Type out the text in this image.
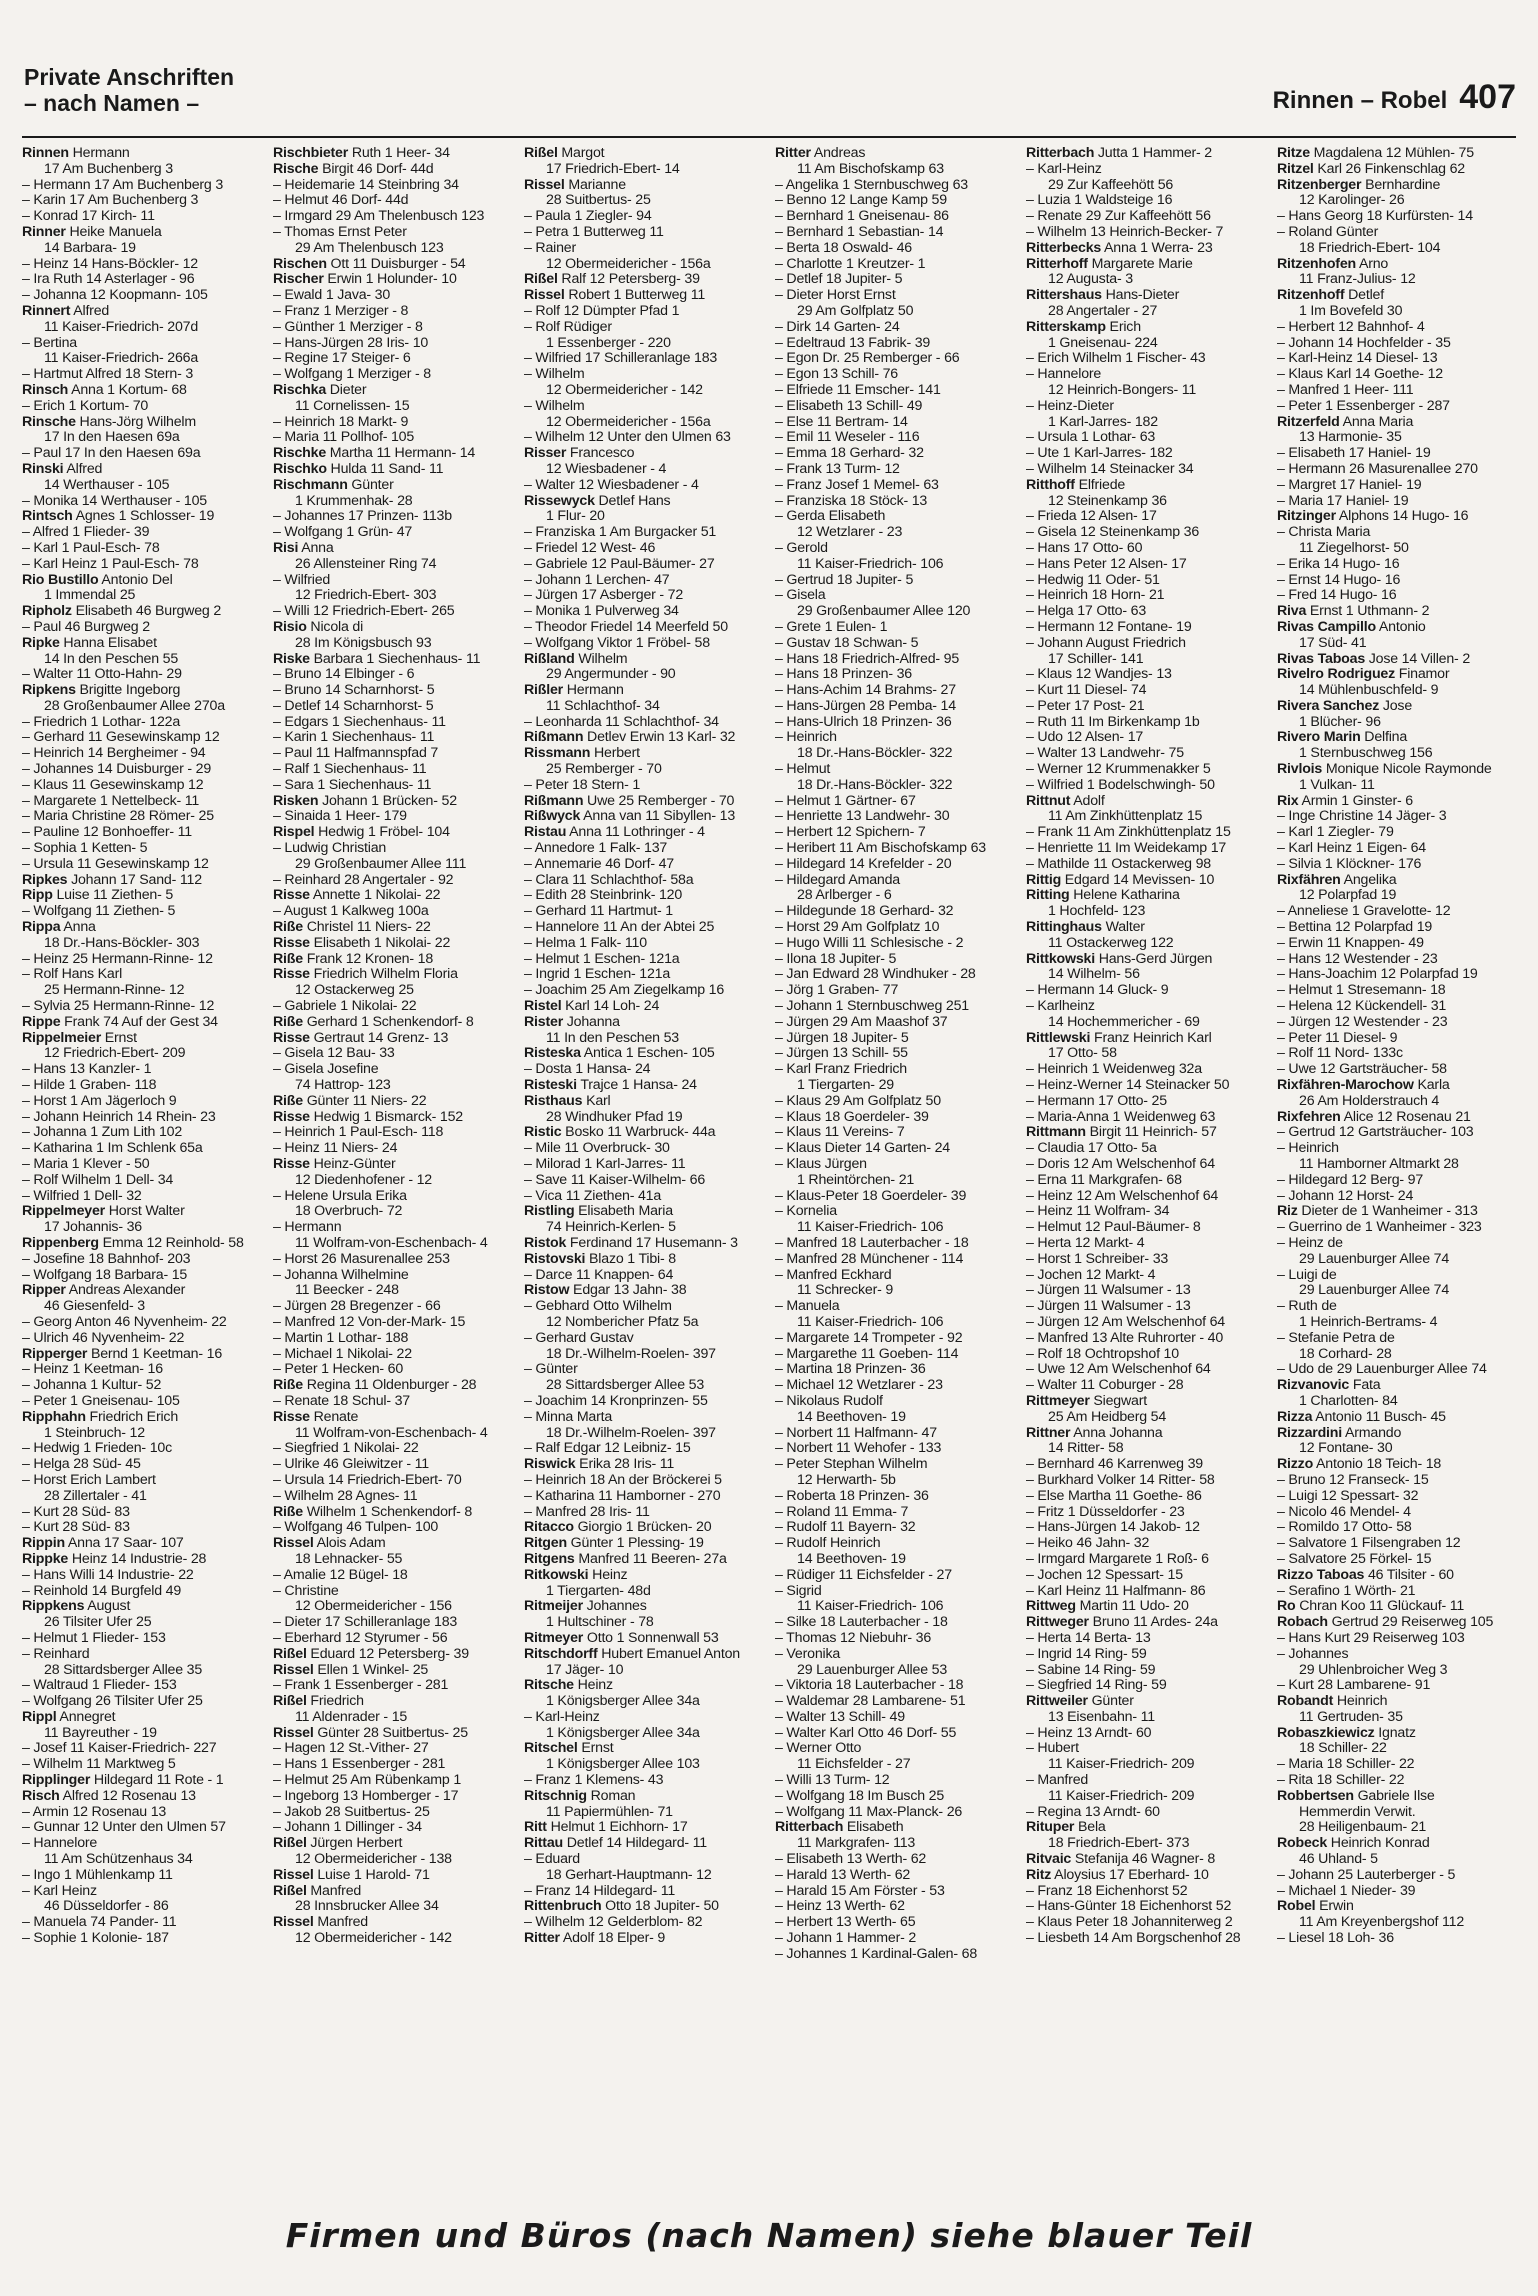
Private Anschriften
– nach Namen –	Rinnen – Robel 407
Rinnen Hermann
17 Am Buchenberg 3
– Hermann 17 Am Buchenberg 3
– Karin 17 Am Buchenberg 3
– Konrad 17 Kirch- 11
Rinner Heike Manuela
14 Barbara- 19
– Heinz 14 Hans-Böckler- 12
– Ira Ruth 14 Asterlager - 96
– Johanna 12 Koopmann- 105
Rinnert Alfred
11 Kaiser-Friedrich- 207d
– Bertina
11 Kaiser-Friedrich- 266a
– Hartmut Alfred 18 Stern- 3
Rinsch Anna 1 Kortum- 68
– Erich 1 Kortum- 70
Rinsche Hans-Jörg Wilhelm
17 In den Haesen 69a
– Paul 17 In den Haesen 69a
Rinski Alfred
14 Werthauser - 105
– Monika 14 Werthauser - 105
Rintsch Agnes 1 Schlosser- 19
– Alfred 1 Flieder- 39
– Karl 1 Paul-Esch- 78
– Karl Heinz 1 Paul-Esch- 78
Rio Bustillo Antonio Del
1 Immendal 25
Ripholz Elisabeth 46 Burgweg 2
– Paul 46 Burgweg 2
Ripke Hanna Elisabet
14 In den Peschen 55
– Walter 11 Otto-Hahn- 29
Ripkens Brigitte Ingeborg
28 Großenbaumer Allee 270a
– Friedrich 1 Lothar- 122a
– Gerhard 11 Gesewinskamp 12
– Heinrich 14 Bergheimer - 94
– Johannes 14 Duisburger - 29
– Klaus 11 Gesewinskamp 12
– Margarete 1 Nettelbeck- 11
– Maria Christine 28 Römer- 25
– Pauline 12 Bonhoeffer- 11
– Sophia 1 Ketten- 5
– Ursula 11 Gesewinskamp 12
Ripkes Johann 17 Sand- 112
Ripp Luise 11 Ziethen- 5
– Wolfgang 11 Ziethen- 5
Rippa Anna
18 Dr.-Hans-Böckler- 303
– Heinz 25 Hermann-Rinne- 12
– Rolf Hans Karl
25 Hermann-Rinne- 12
– Sylvia 25 Hermann-Rinne- 12
Rippe Frank 74 Auf der Gest 34
Rippelmeier Ernst
12 Friedrich-Ebert- 209
– Hans 13 Kanzler- 1
– Hilde 1 Graben- 118
– Horst 1 Am Jägerloch 9
– Johann Heinrich 14 Rhein- 23
– Johanna 1 Zum Lith 102
– Katharina 1 Im Schlenk 65a
– Maria 1 Klever - 50
– Rolf Wilhelm 1 Dell- 34
– Wilfried 1 Dell- 32
Rippelmeyer Horst Walter
17 Johannis- 36
Rippenberg Emma 12 Reinhold- 58
– Josefine 18 Bahnhof- 203
– Wolfgang 18 Barbara- 15
Ripper Andreas Alexander
46 Giesenfeld- 3
– Georg Anton 46 Nyvenheim- 22
– Ulrich 46 Nyvenheim- 22
Ripperger Bernd 1 Keetman- 16
– Heinz 1 Keetman- 16
– Johanna 1 Kultur- 52
– Peter 1 Gneisenau- 105
Ripphahn Friedrich Erich
1 Steinbruch- 12
– Hedwig 1 Frieden- 10c
– Helga 28 Süd- 45
– Horst Erich Lambert
28 Zillertaler - 41
– Kurt 28 Süd- 83
– Kurt 28 Süd- 83
Rippin Anna 17 Saar- 107
Rippke Heinz 14 Industrie- 28
– Hans Willi 14 Industrie- 22
– Reinhold 14 Burgfeld 49
Rippkens August
26 Tilsiter Ufer 25
– Helmut 1 Flieder- 153
– Reinhard
28 Sittardsberger Allee 35
– Waltraud 1 Flieder- 153
– Wolfgang 26 Tilsiter Ufer 25
Rippl Annegret
11 Bayreuther - 19
– Josef 11 Kaiser-Friedrich- 227
– Wilhelm 11 Marktweg 5
Ripplinger Hildegard 11 Rote - 1
Risch Alfred 12 Rosenau 13
– Armin 12 Rosenau 13
– Gunnar 12 Unter den Ulmen 57
– Hannelore
11 Am Schützenhaus 34
– Ingo 1 Mühlenkamp 11
– Karl Heinz
46 Düsseldorfer - 86
– Manuela 74 Pander- 11
– Sophie 1 Kolonie- 187
Rischbieter Ruth 1 Heer- 34
Rische Birgit 46 Dorf- 44d
– Heidemarie 14 Steinbring 34
– Helmut 46 Dorf- 44d
– Irmgard 29 Am Thelenbusch 123
– Thomas Ernst Peter
29 Am Thelenbusch 123
Rischen Ott 11 Duisburger - 54
Rischer Erwin 1 Holunder- 10
– Ewald 1 Java- 30
– Franz 1 Merziger - 8
– Günther 1 Merziger - 8
– Hans-Jürgen 28 Iris- 10
– Regine 17 Steiger- 6
– Wolfgang 1 Merziger - 8
Rischka Dieter
11 Cornelissen- 15
– Heinrich 18 Markt- 9
– Maria 11 Pollhof- 105
Rischke Martha 11 Hermann- 14
Rischko Hulda 11 Sand- 11
Rischmann Günter
1 Krummenhak- 28
– Johannes 17 Prinzen- 113b
– Wolfgang 1 Grün- 47
Risi Anna
26 Allensteiner Ring 74
– Wilfried
12 Friedrich-Ebert- 303
– Willi 12 Friedrich-Ebert- 265
Risio Nicola di
28 Im Königsbusch 93
Riske Barbara 1 Siechenhaus- 11
– Bruno 14 Elbinger - 6
– Bruno 14 Scharnhorst- 5
– Detlef 14 Scharnhorst- 5
– Edgars 1 Siechenhaus- 11
– Karin 1 Siechenhaus- 11
– Paul 11 Halfmannspfad 7
– Ralf 1 Siechenhaus- 11
– Sara 1 Siechenhaus- 11
Risken Johann 1 Brücken- 52
– Sinaida 1 Heer- 179
Rispel Hedwig 1 Fröbel- 104
– Ludwig Christian
29 Großenbaumer Allee 111
– Reinhard 28 Angertaler - 92
Risse Annette 1 Nikolai- 22
– August 1 Kalkweg 100a
Riße Christel 11 Niers- 22
Risse Elisabeth 1 Nikolai- 22
Riße Frank 12 Kronen- 18
Risse Friedrich Wilhelm Floria
12 Ostackerweg 25
– Gabriele 1 Nikolai- 22
Riße Gerhard 1 Schenkendorf- 8
Risse Gertraut 14 Grenz- 13
– Gisela 12 Bau- 33
– Gisela Josefine
74 Hattrop- 123
Riße Günter 11 Niers- 22
Risse Hedwig 1 Bismarck- 152
– Heinrich 1 Paul-Esch- 118
– Heinz 11 Niers- 24
Risse Heinz-Günter
12 Diedenhofener - 12
– Helene Ursula Erika
18 Overbruch- 72
– Hermann
11 Wolfram-von-Eschenbach- 4
– Horst 26 Masurenallee 253
– Johanna Wilhelmine
11 Beecker - 248
– Jürgen 28 Bregenzer - 66
– Manfred 12 Von-der-Mark- 15
– Martin 1 Lothar- 188
– Michael 1 Nikolai- 22
– Peter 1 Hecken- 60
Riße Regina 11 Oldenburger - 28
– Renate 18 Schul- 37
Risse Renate
11 Wolfram-von-Eschenbach- 4
– Siegfried 1 Nikolai- 22
– Ulrike 46 Gleiwitzer - 11
– Ursula 14 Friedrich-Ebert- 70
– Wilhelm 28 Agnes- 11
Riße Wilhelm 1 Schenkendorf- 8
– Wolfgang 46 Tulpen- 100
Rissel Alois Adam
18 Lehnacker- 55
– Amalie 12 Bügel- 18
– Christine
12 Obermeidericher - 156
– Dieter 17 Schilleranlage 183
– Eberhard 12 Styrumer - 56
Rißel Eduard 12 Petersberg- 39
Rissel Ellen 1 Winkel- 25
– Frank 1 Essenberger - 281
Rißel Friedrich
11 Aldenrader - 15
Rissel Günter 28 Suitbertus- 25
– Hagen 12 St.-Vither- 27
– Hans 1 Essenberger - 281
– Helmut 25 Am Rübenkamp 1
– Ingeborg 13 Homberger - 17
– Jakob 28 Suitbertus- 25
– Johann 1 Dillinger - 34
Rißel Jürgen Herbert
12 Obermeidericher - 138
Rissel Luise 1 Harold- 71
Rißel Manfred
28 Innsbrucker Allee 34
Rissel Manfred
12 Obermeidericher - 142
Rißel Margot
17 Friedrich-Ebert- 14
Rissel Marianne
28 Suitbertus- 25
– Paula 1 Ziegler- 94
– Petra 1 Butterweg 11
– Rainer
12 Obermeidericher - 156a
Rißel Ralf 12 Petersberg- 39
Rissel Robert 1 Butterweg 11
– Rolf 12 Dümpter Pfad 1
– Rolf Rüdiger
1 Essenberger - 220
– Wilfried 17 Schilleranlage 183
– Wilhelm
12 Obermeidericher - 142
– Wilhelm
12 Obermeidericher - 156a
– Wilhelm 12 Unter den Ulmen 63
Risser Francesco
12 Wiesbadener - 4
– Walter 12 Wiesbadener - 4
Rissewyck Detlef Hans
1 Flur- 20
– Franziska 1 Am Burgacker 51
– Friedel 12 West- 46
– Gabriele 12 Paul-Bäumer- 27
– Johann 1 Lerchen- 47
– Jürgen 17 Asberger - 72
– Monika 1 Pulverweg 34
– Theodor Friedel 14 Meerfeld 50
– Wolfgang Viktor 1 Fröbel- 58
Rißland Wilhelm
29 Angermunder - 90
Rißler Hermann
11 Schlachthof- 34
– Leonharda 11 Schlachthof- 34
Rißmann Detlev Erwin 13 Karl- 32
Rissmann Herbert
25 Remberger - 70
– Peter 18 Stern- 1
Rißmann Uwe 25 Remberger - 70
Rißwyck Anna van 11 Sibyllen- 13
Ristau Anna 11 Lothringer - 4
– Annedore 1 Falk- 137
– Annemarie 46 Dorf- 47
– Clara 11 Schlachthof- 58a
– Edith 28 Steinbrink- 120
– Gerhard 11 Hartmut- 1
– Hannelore 11 An der Abtei 25
– Helma 1 Falk- 110
– Helmut 1 Eschen- 121a
– Ingrid 1 Eschen- 121a
– Joachim 25 Am Ziegelkamp 16
Ristel Karl 14 Loh- 24
Rister Johanna
11 In den Peschen 53
Risteska Antica 1 Eschen- 105
– Dosta 1 Hansa- 24
Risteski Trajce 1 Hansa- 24
Risthaus Karl
28 Windhuker Pfad 19
Ristic Bosko 11 Warbruck- 44a
– Mile 11 Overbruck- 30
– Milorad 1 Karl-Jarres- 11
– Save 11 Kaiser-Wilhelm- 66
– Vica 11 Ziethen- 41a
Ristling Elisabeth Maria
74 Heinrich-Kerlen- 5
Ristok Ferdinand 17 Husemann- 3
Ristovski Blazo 1 Tibi- 8
– Darce 11 Knappen- 64
Ristow Edgar 13 Jahn- 38
– Gebhard Otto Wilhelm
12 Nombericher Pfatz 5a
– Gerhard Gustav
18 Dr.-Wilhelm-Roelen- 397
– Günter
28 Sittardsberger Allee 53
– Joachim 14 Kronprinzen- 55
– Minna Marta
18 Dr.-Wilhelm-Roelen- 397
– Ralf Edgar 12 Leibniz- 15
Riswick Erika 28 Iris- 11
– Heinrich 18 An der Bröckerei 5
– Katharina 11 Hamborner - 270
– Manfred 28 Iris- 11
Ritacco Giorgio 1 Brücken- 20
Ritgen Günter 1 Plessing- 19
Ritgens Manfred 11 Beeren- 27a
Ritkowski Heinz
1 Tiergarten- 48d
Ritmeijer Johannes
1 Hultschiner - 78
Ritmeyer Otto 1 Sonnenwall 53
Ritschdorff Hubert Emanuel Anton
17 Jäger- 10
Ritsche Heinz
1 Königsberger Allee 34a
– Karl-Heinz
1 Königsberger Allee 34a
Ritschel Ernst
1 Königsberger Allee 103
– Franz 1 Klemens- 43
Ritschnig Roman
11 Papiermühlen- 71
Ritt Helmut 1 Eichhorn- 17
Rittau Detlef 14 Hildegard- 11
– Eduard
18 Gerhart-Hauptmann- 12
– Franz 14 Hildegard- 11
Rittenbruch Otto 18 Jupiter- 50
– Wilhelm 12 Gelderblom- 82
Ritter Adolf 18 Elper- 9
Ritter Andreas
11 Am Bischofskamp 63
– Angelika 1 Sternbuschweg 63
– Benno 12 Lange Kamp 59
– Bernhard 1 Gneisenau- 86
– Bernhard 1 Sebastian- 14
– Berta 18 Oswald- 46
– Charlotte 1 Kreutzer- 1
– Detlef 18 Jupiter- 5
– Dieter Horst Ernst
29 Am Golfplatz 50
– Dirk 14 Garten- 24
– Edeltraud 13 Fabrik- 39
– Egon Dr. 25 Remberger - 66
– Egon 13 Schill- 76
– Elfriede 11 Emscher- 141
– Elisabeth 13 Schill- 49
– Else 11 Bertram- 14
– Emil 11 Weseler - 116
– Emma 18 Gerhard- 32
– Frank 13 Turm- 12
– Franz Josef 1 Memel- 63
– Franziska 18 Stöck- 13
– Gerda Elisabeth
12 Wetzlarer - 23
– Gerold
11 Kaiser-Friedrich- 106
– Gertrud 18 Jupiter- 5
– Gisela
29 Großenbaumer Allee 120
– Grete 1 Eulen- 1
– Gustav 18 Schwan- 5
– Hans 18 Friedrich-Alfred- 95
– Hans 18 Prinzen- 36
– Hans-Achim 14 Brahms- 27
– Hans-Jürgen 28 Pemba- 14
– Hans-Ulrich 18 Prinzen- 36
– Heinrich
18 Dr.-Hans-Böckler- 322
– Helmut
18 Dr.-Hans-Böckler- 322
– Helmut 1 Gärtner- 67
– Henriette 13 Landwehr- 30
– Herbert 12 Spichern- 7
– Heribert 11 Am Bischofskamp 63
– Hildegard 14 Krefelder - 20
– Hildegard Amanda
28 Arlberger - 6
– Hildegunde 18 Gerhard- 32
– Horst 29 Am Golfplatz 10
– Hugo Willi 11 Schlesische - 2
– Ilona 18 Jupiter- 5
– Jan Edward 28 Windhuker - 28
– Jörg 1 Graben- 77
– Johann 1 Sternbuschweg 251
– Jürgen 29 Am Maashof 37
– Jürgen 18 Jupiter- 5
– Jürgen 13 Schill- 55
– Karl Franz Friedrich
1 Tiergarten- 29
– Klaus 29 Am Golfplatz 50
– Klaus 18 Goerdeler- 39
– Klaus 11 Vereins- 7
– Klaus Dieter 14 Garten- 24
– Klaus Jürgen
1 Rheintörchen- 21
– Klaus-Peter 18 Goerdeler- 39
– Kornelia
11 Kaiser-Friedrich- 106
– Manfred 18 Lauterbacher - 18
– Manfred 28 Münchener - 114
– Manfred Eckhard
11 Schrecker- 9
– Manuela
11 Kaiser-Friedrich- 106
– Margarete 14 Trompeter - 92
– Margarethe 11 Goeben- 114
– Martina 18 Prinzen- 36
– Michael 12 Wetzlarer - 23
– Nikolaus Rudolf
14 Beethoven- 19
– Norbert 11 Halfmann- 47
– Norbert 11 Wehofer - 133
– Peter Stephan Wilhelm
12 Herwarth- 5b
– Roberta 18 Prinzen- 36
– Roland 11 Emma- 7
– Rudolf 11 Bayern- 32
– Rudolf Heinrich
14 Beethoven- 19
– Rüdiger 11 Eichsfelder - 27
– Sigrid
11 Kaiser-Friedrich- 106
– Silke 18 Lauterbacher - 18
– Thomas 12 Niebuhr- 36
– Veronika
29 Lauenburger Allee 53
– Viktoria 18 Lauterbacher - 18
– Waldemar 28 Lambarene- 51
– Walter 13 Schill- 49
– Walter Karl Otto 46 Dorf- 55
– Werner Otto
11 Eichsfelder - 27
– Willi 13 Turm- 12
– Wolfgang 18 Im Busch 25
– Wolfgang 11 Max-Planck- 26
Ritterbach Elisabeth
11 Markgrafen- 113
– Elisabeth 13 Werth- 62
– Harald 13 Werth- 62
– Harald 15 Am Förster - 53
– Heinz 13 Werth- 62
– Herbert 13 Werth- 65
– Johann 1 Hammer- 2
– Johannes 1 Kardinal-Galen- 68
Ritterbach Jutta 1 Hammer- 2
– Karl-Heinz
29 Zur Kaffeehött 56
– Luzia 1 Waldsteige 16
– Renate 29 Zur Kaffeehött 56
– Wilhelm 13 Heinrich-Becker- 7
Ritterbecks Anna 1 Werra- 23
Ritterhoff Margarete Marie
12 Augusta- 3
Rittershaus Hans-Dieter
28 Angertaler - 27
Ritterskamp Erich
1 Gneisenau- 224
– Erich Wilhelm 1 Fischer- 43
– Hannelore
12 Heinrich-Bongers- 11
– Heinz-Dieter
1 Karl-Jarres- 182
– Ursula 1 Lothar- 63
– Ute 1 Karl-Jarres- 182
– Wilhelm 14 Steinacker 34
Ritthoff Elfriede
12 Steinenkamp 36
– Frieda 12 Alsen- 17
– Gisela 12 Steinenkamp 36
– Hans 17 Otto- 60
– Hans Peter 12 Alsen- 17
– Hedwig 11 Oder- 51
– Heinrich 18 Horn- 21
– Helga 17 Otto- 63
– Hermann 12 Fontane- 19
– Johann August Friedrich
17 Schiller- 141
– Klaus 12 Wandjes- 13
– Kurt 11 Diesel- 74
– Peter 17 Post- 21
– Ruth 11 Im Birkenkamp 1b
– Udo 12 Alsen- 17
– Walter 13 Landwehr- 75
– Werner 12 Krummenakker 5
– Wilfried 1 Bodelschwingh- 50
Rittnut Adolf
11 Am Zinkhüttenplatz 15
– Frank 11 Am Zinkhüttenplatz 15
– Henriette 11 Im Weidekamp 17
– Mathilde 11 Ostackerweg 98
Rittig Edgard 14 Mevissen- 10
Ritting Helene Katharina
1 Hochfeld- 123
Rittinghaus Walter
11 Ostackerweg 122
Rittkowski Hans-Gerd Jürgen
14 Wilhelm- 56
– Hermann 14 Gluck- 9
– Karlheinz
14 Hochemmericher - 69
Rittlewski Franz Heinrich Karl
17 Otto- 58
– Heinrich 1 Weidenweg 32a
– Heinz-Werner 14 Steinacker 50
– Hermann 17 Otto- 25
– Maria-Anna 1 Weidenweg 63
Rittmann Birgit 11 Heinrich- 57
– Claudia 17 Otto- 5a
– Doris 12 Am Welschenhof 64
– Erna 11 Markgrafen- 68
– Heinz 12 Am Welschenhof 64
– Heinz 11 Wolfram- 34
– Helmut 12 Paul-Bäumer- 8
– Herta 12 Markt- 4
– Horst 1 Schreiber- 33
– Jochen 12 Markt- 4
– Jürgen 11 Walsumer - 13
– Jürgen 11 Walsumer - 13
– Jürgen 12 Am Welschenhof 64
– Manfred 13 Alte Ruhrorter - 40
– Rolf 18 Ochtropshof 10
– Uwe 12 Am Welschenhof 64
– Walter 11 Coburger - 28
Rittmeyer Siegwart
25 Am Heidberg 54
Rittner Anna Johanna
14 Ritter- 58
– Bernhard 46 Karrenweg 39
– Burkhard Volker 14 Ritter- 58
– Else Martha 11 Goethe- 86
– Fritz 1 Düsseldorfer - 23
– Hans-Jürgen 14 Jakob- 12
– Heiko 46 Jahn- 32
– Irmgard Margarete 1 Roß- 6
– Jochen 12 Spessart- 15
– Karl Heinz 11 Halfmann- 86
Rittweg Martin 11 Udo- 20
Rittweger Bruno 11 Ardes- 24a
– Herta 14 Berta- 13
– Ingrid 14 Ring- 59
– Sabine 14 Ring- 59
– Siegfried 14 Ring- 59
Rittweiler Günter
13 Eisenbahn- 11
– Heinz 13 Arndt- 60
– Hubert
11 Kaiser-Friedrich- 209
– Manfred
11 Kaiser-Friedrich- 209
– Regina 13 Arndt- 60
Rituper Bela
18 Friedrich-Ebert- 373
Ritvaic Stefanija 46 Wagner- 8
Ritz Aloysius 17 Eberhard- 10
– Franz 18 Eichenhorst 52
– Hans-Günter 18 Eichenhorst 52
– Klaus Peter 18 Johanniterweg 2
– Liesbeth 14 Am Borgschenhof 28
Ritze Magdalena 12 Mühlen- 75
Ritzel Karl 26 Finkenschlag 62
Ritzenberger Bernhardine
12 Karolinger- 26
– Hans Georg 18 Kurfürsten- 14
– Roland Günter
18 Friedrich-Ebert- 104
Ritzenhofen Arno
11 Franz-Julius- 12
Ritzenhoff Detlef
1 Im Bovefeld 30
– Herbert 12 Bahnhof- 4
– Johann 14 Hochfelder - 35
– Karl-Heinz 14 Diesel- 13
– Klaus Karl 14 Goethe- 12
– Manfred 1 Heer- 111
– Peter 1 Essenberger - 287
Ritzerfeld Anna Maria
13 Harmonie- 35
– Elisabeth 17 Haniel- 19
– Hermann 26 Masurenallee 270
– Margret 17 Haniel- 19
– Maria 17 Haniel- 19
Ritzinger Alphons 14 Hugo- 16
– Christa Maria
11 Ziegelhorst- 50
– Erika 14 Hugo- 16
– Ernst 14 Hugo- 16
– Fred 14 Hugo- 16
Riva Ernst 1 Uthmann- 2
Rivas Campillo Antonio
17 Süd- 41
Rivas Taboas Jose 14 Villen- 2
Rivelro Rodriguez Finamor
14 Mühlenbuschfeld- 9
Rivera Sanchez Jose
1 Blücher- 96
Rivero Marin Delfina
1 Sternbuschweg 156
Rivlois Monique Nicole Raymonde
1 Vulkan- 11
Rix Armin 1 Ginster- 6
– Inge Christine 14 Jäger- 3
– Karl 1 Ziegler- 79
– Karl Heinz 1 Eigen- 64
– Silvia 1 Klöckner- 176
Rixfähren Angelika
12 Polarpfad 19
– Anneliese 1 Gravelotte- 12
– Bettina 12 Polarpfad 19
– Erwin 11 Knappen- 49
– Hans 12 Westender - 23
– Hans-Joachim 12 Polarpfad 19
– Helmut 1 Stresemann- 18
– Helena 12 Kückendell- 31
– Jürgen 12 Westender - 23
– Peter 11 Diesel- 9
– Rolf 11 Nord- 133c
– Uwe 12 Gartsträucher- 58
Rixfähren-Marochow Karla
26 Am Holderstrauch 4
Rixfehren Alice 12 Rosenau 21
– Gertrud 12 Gartsträucher- 103
– Heinrich
11 Hamborner Altmarkt 28
– Hildegard 12 Berg- 97
– Johann 12 Horst- 24
Riz Dieter de 1 Wanheimer - 313
– Guerrino de 1 Wanheimer - 323
– Heinz de
29 Lauenburger Allee 74
– Luigi de
29 Lauenburger Allee 74
– Ruth de
1 Heinrich-Bertrams- 4
– Stefanie Petra de
18 Corhard- 28
– Udo de 29 Lauenburger Allee 74
Rizvanovic Fata
1 Charlotten- 84
Rizza Antonio 11 Busch- 45
Rizzardini Armando
12 Fontane- 30
Rizzo Antonio 18 Teich- 18
– Bruno 12 Franseck- 15
– Luigi 12 Spessart- 32
– Nicolo 46 Mendel- 4
– Romildo 17 Otto- 58
– Salvatore 1 Filsengraben 12
– Salvatore 25 Förkel- 15
Rizzo Taboas 46 Tilsiter - 60
– Serafino 1 Wörth- 21
Ro Chran Koo 11 Glückauf- 11
Robach Gertrud 29 Reiserweg 105
– Hans Kurt 29 Reiserweg 103
– Johannes
29 Uhlenbroicher Weg 3
– Kurt 28 Lambarene- 91
Robandt Heinrich
11 Gertruden- 35
Robaszkiewicz Ignatz
18 Schiller- 22
– Maria 18 Schiller- 22
– Rita 18 Schiller- 22
Robbertsen Gabriele Ilse
Hemmerdin Verwit.
28 Heiligenbaum- 21
Robeck Heinrich Konrad
46 Uhland- 5
– Johann 25 Lauterberger - 5
– Michael 1 Nieder- 39
Robel Erwin
11 Am Kreyenbergshof 112
– Liesel 18 Loh- 36
Firmen und Büros (nach Namen) siehe blauer Teil
